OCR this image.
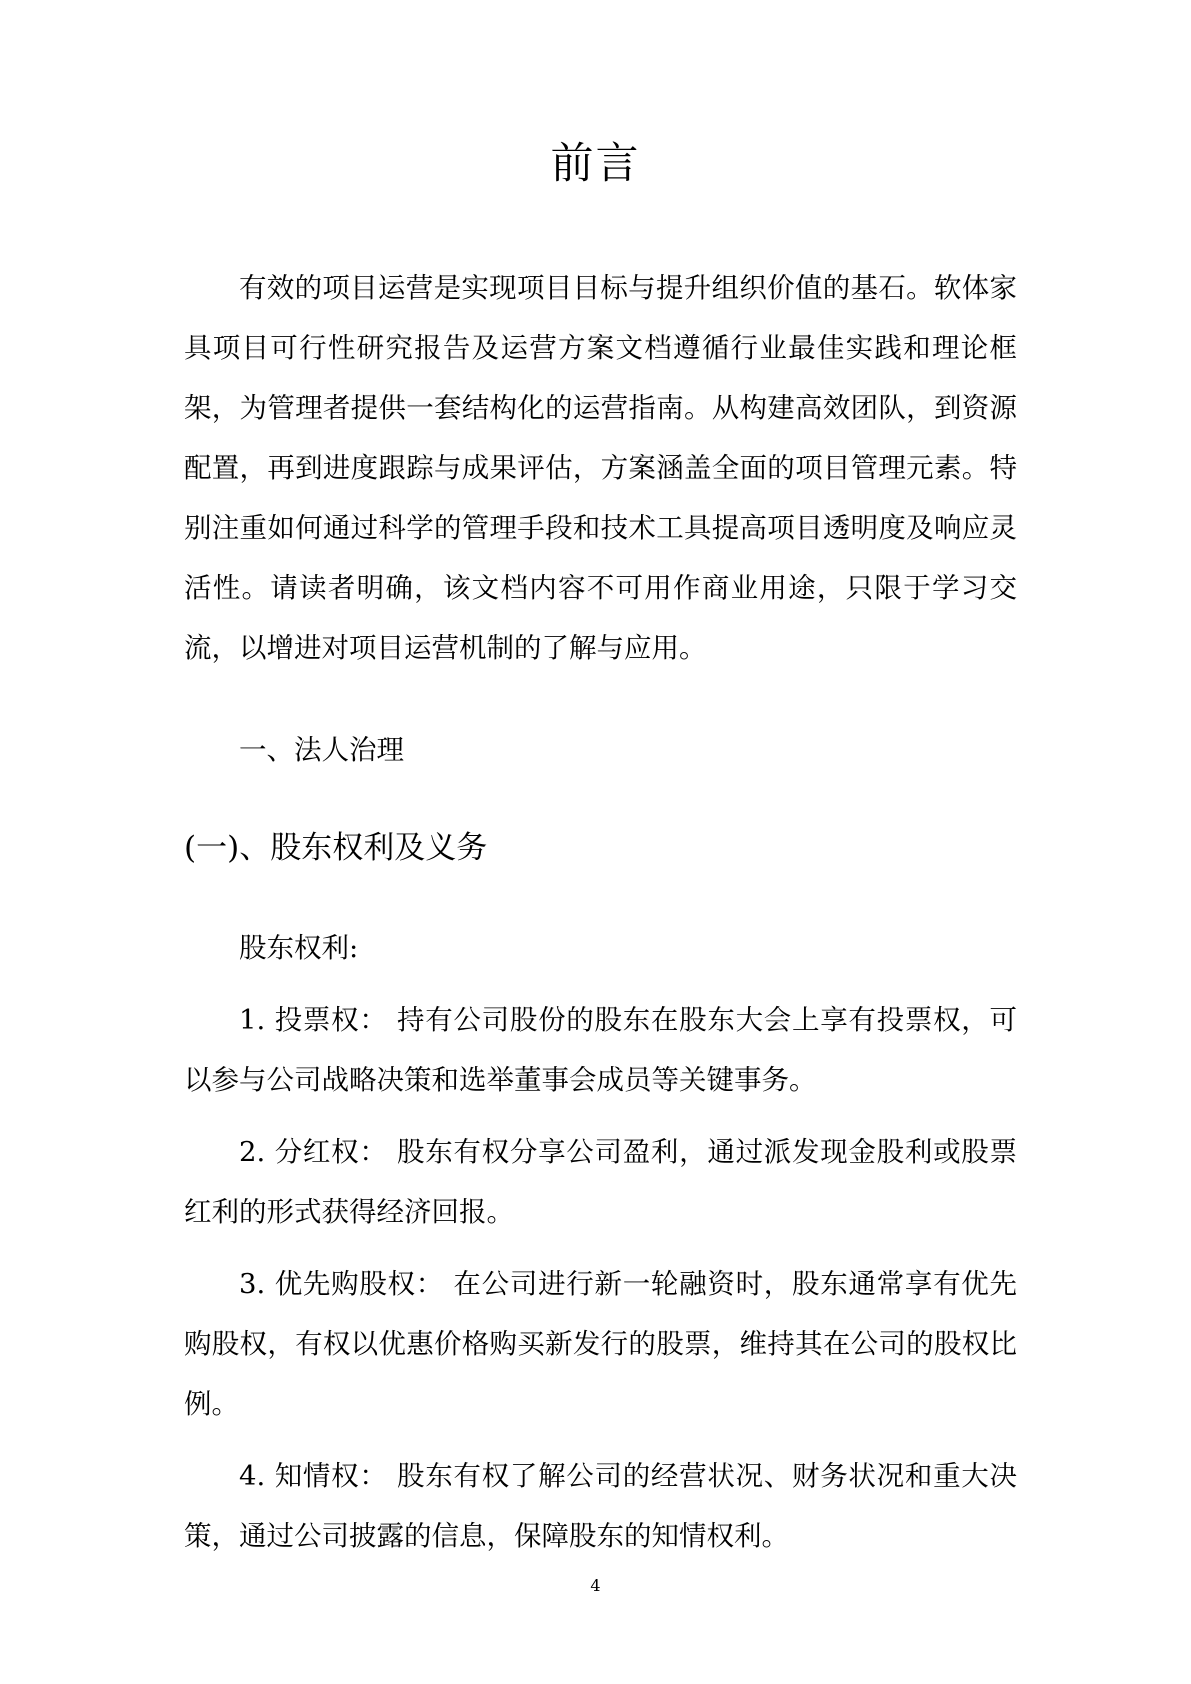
前言

有效的项目运营是实现项目目标与提升组织价值的基石。软体家具项目可行性研究报告及运营方案文档遵循行业最佳实践和理论框架，为管理者提供一套结构化的运营指南。从构建高效团队，到资源配置，再到进度跟踪与成果评估，方案涵盖全面的项目管理元素。特别注重如何通过科学的管理手段和技术工具提高项目透明度及响应灵活性。请读者明确，该文档内容不可用作商业用途，只限于学习交流，以增进对项目运营机制的了解与应用。

一、法人治理

(一)、股东权利及义务

股东权利:

1. 投票权： 持有公司股份的股东在股东大会上享有投票权，可以参与公司战略决策和选举董事会成员等关键事务。

2. 分红权： 股东有权分享公司盈利，通过派发现金股利或股票红利的形式获得经济回报。

3. 优先购股权： 在公司进行新一轮融资时，股东通常享有优先购股权，有权以优惠价格购买新发行的股票，维持其在公司的股权比例。

4. 知情权： 股东有权了解公司的经营状况、财务状况和重大决策，通过公司披露的信息，保障股东的知情权利。

4
